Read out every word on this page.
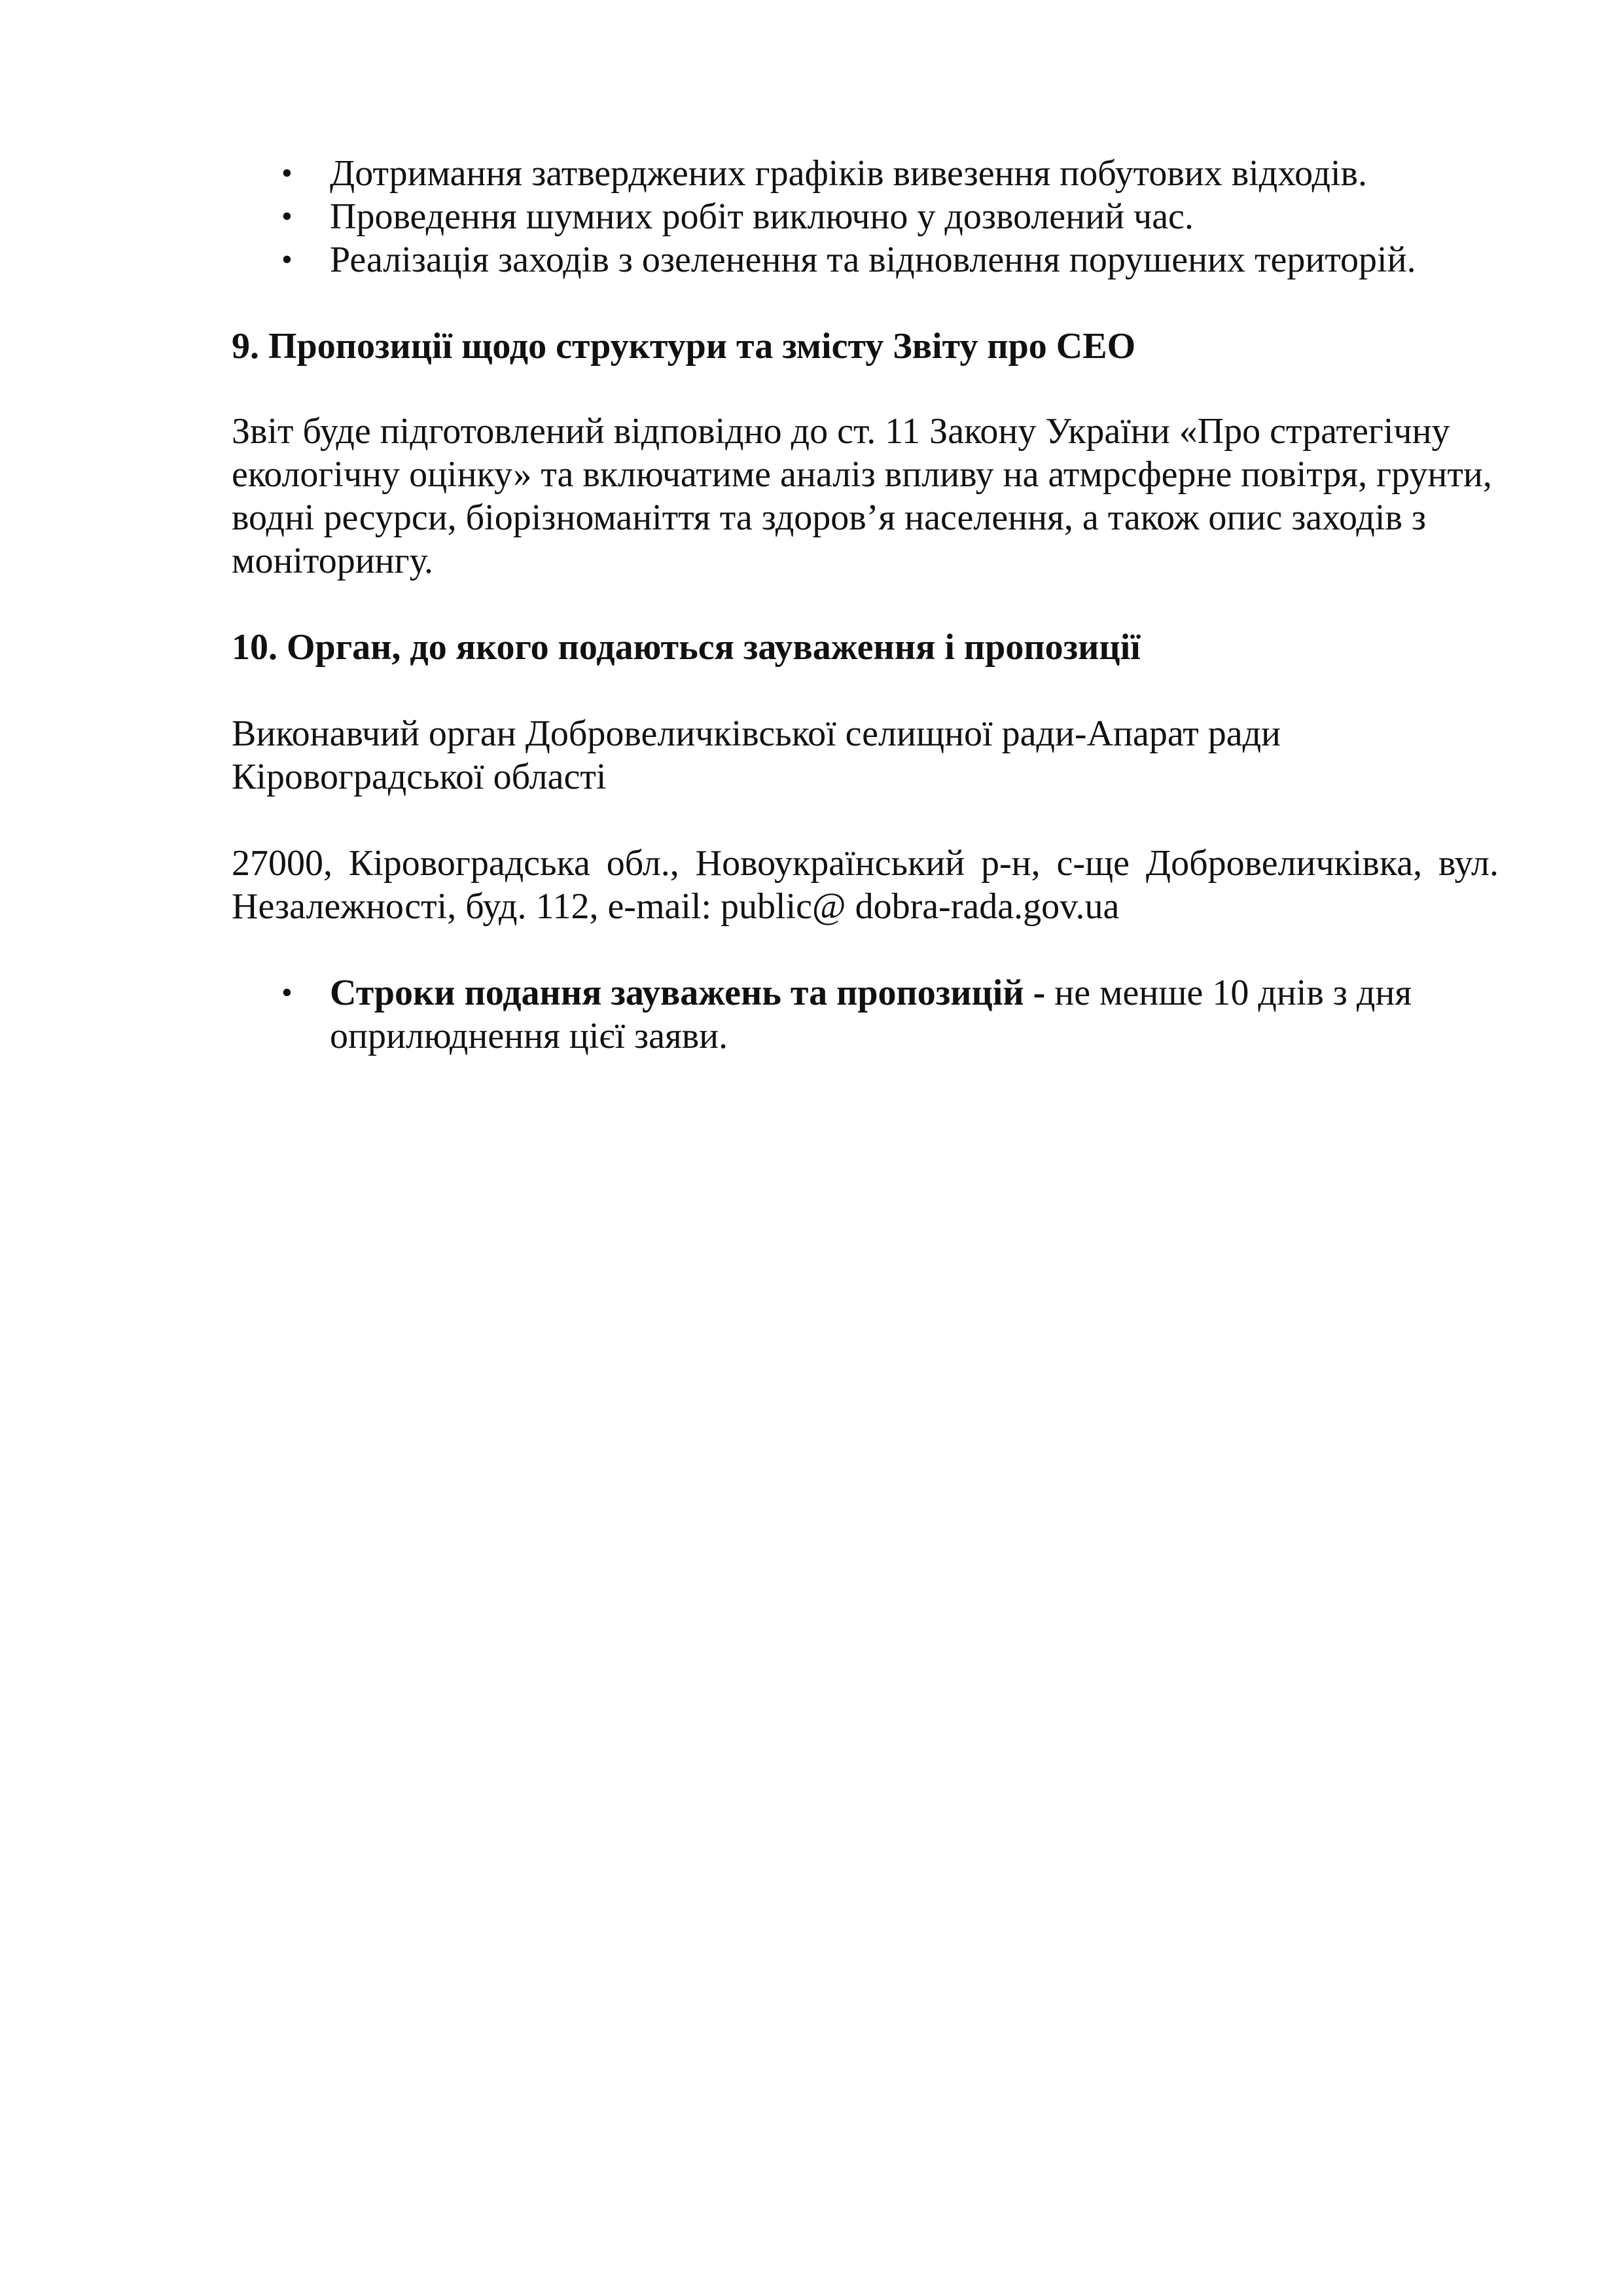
• Дотримання затверджених графіків вивезення побутових відходів.
• Проведення шумних робіт виключно у дозволений час.
• Реалізація заходів з озеленення та відновлення порушених територій.
9. Пропозиції щодо структури та змісту Звіту про СЕО

Звіт буде підготовлений відповідно до ст. 11 Закону України «Про стратегічну екологічну оцінку» та включатиме аналіз впливу на атмрсферне повітря, грунти, водні ресурси, біорізноманіття та здоров’я населення, а також опис заходів з моніторингу.

10. Орган, до якого подаються зауваження і пропозиції

Виконавчий орган Добровеличківської селищної ради-Апарат ради Кіровоградської області

27000, Кіровоградська обл., Новоукраїнський р-н, с-ще Добровеличківка, вул. Незалежності, буд. 112, e-mail: public@ dobra-rada.gov.ua

• Строки подання зауважень та пропозицій - не менше 10 днів з дня оприлюднення цієї заяви.
